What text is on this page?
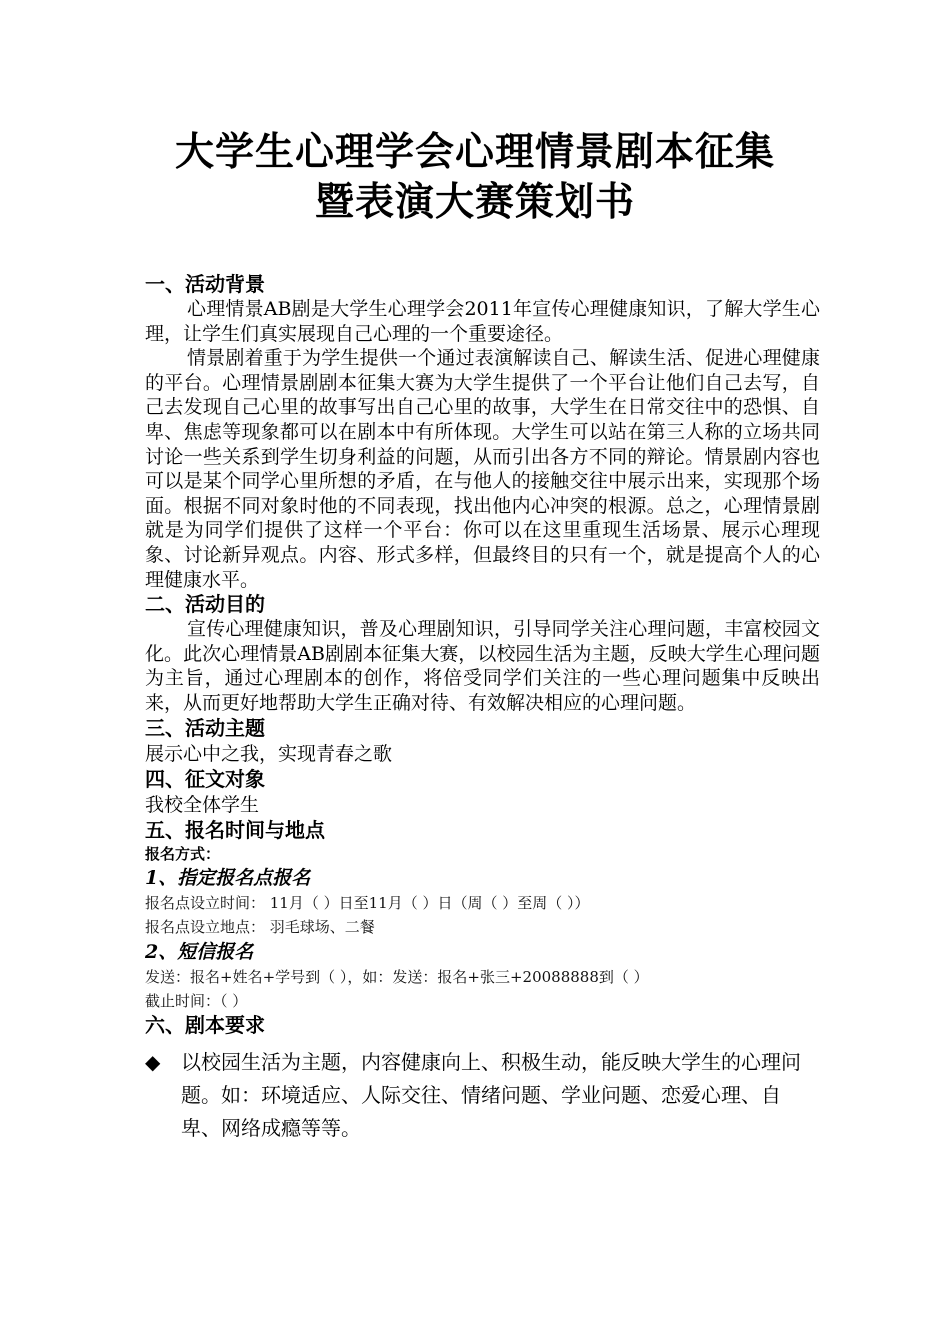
大学生心理学会心理情景剧本征集
暨表演大赛策划书

一、活动背景

心理情景AB剧是大学生心理学会2011年宣传心理健康知识，了解大学生心理，让学生们真实展现自己心理的一个重要途径。

情景剧着重于为学生提供一个通过表演解读自己、解读生活、促进心理健康的平台。心理情景剧剧本征集大赛为大学生提供了一个平台让他们自己去写，自己去发现自己心里的故事写出自己心里的故事，大学生在日常交往中的恐惧、自卑、焦虑等现象都可以在剧本中有所体现。大学生可以站在第三人称的立场共同讨论一些关系到学生切身利益的问题，从而引出各方不同的辩论。情景剧内容也可以是某个同学心里所想的矛盾，在与他人的接触交往中展示出来，实现那个场面。根据不同对象时他的不同表现，找出他内心冲突的根源。总之，心理情景剧就是为同学们提供了这样一个平台：你可以在这里重现生活场景、展示心理现象、讨论新异观点。内容、形式多样，但最终目的只有一个，就是提高个人的心理健康水平。

二、活动目的

宣传心理健康知识，普及心理剧知识，引导同学关注心理问题，丰富校园文化。此次心理情景AB剧剧本征集大赛，以校园生活为主题，反映大学生心理问题为主旨，通过心理剧本的创作，将倍受同学们关注的一些心理问题集中反映出来，从而更好地帮助大学生正确对待、有效解决相应的心理问题。

三、活动主题

展示心中之我，实现青春之歌

四、征文对象

我校全体学生

五、报名时间与地点

报名方式：

1、指定报名点报名

报名点设立时间： 11月（ ）日至11月（ ）日（周（ ）至周（ ））

报名点设立地点： 羽毛球场、二餐

2、短信报名

发送：报名+姓名+学号到（ ），如：发送：报名+张三+20088888到（ ）

截止时间：（ ）

六、剧本要求

◆ 以校园生活为主题，内容健康向上、积极生动，能反映大学生的心理问题。如：环境适应、人际交往、情绪问题、学业问题、恋爱心理、自卑、网络成瘾等等。
